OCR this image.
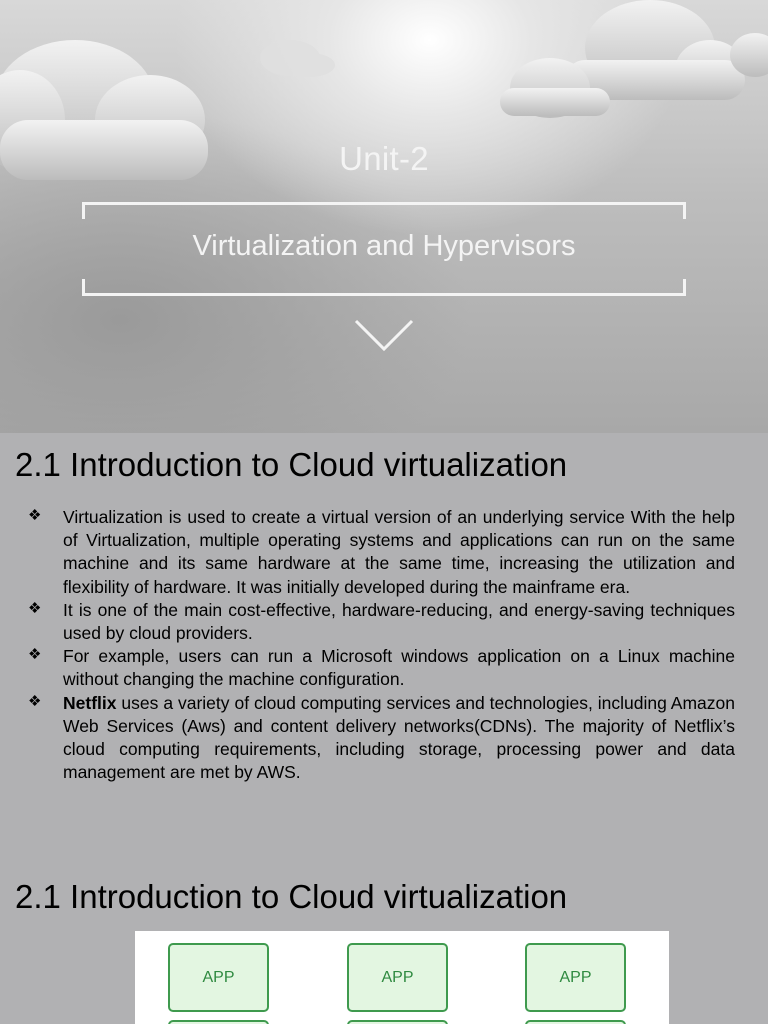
Unit-2
Virtualization and Hypervisors
2.1 Introduction to Cloud virtualization
❖ Virtualization is used to create a virtual version of an underlying service With the help of Virtualization, multiple operating systems and applications can run on the same machine and its same hardware at the same time, increasing the utilization and flexibility of hardware. It was initially developed during the mainframe era.
❖ It is one of the main cost-effective, hardware-reducing, and energy-saving techniques used by cloud providers.
❖ For example, users can run a Microsoft windows application on a Linux machine without changing the machine configuration.
❖ Netflix uses a variety of cloud computing services and technologies, including Amazon Web Services (Aws) and content delivery networks(CDNs). The majority of Netflix’s cloud computing requirements, including storage, processing power and data management are met by AWS.
2.1 Introduction to Cloud virtualization
APP	APP	APP
